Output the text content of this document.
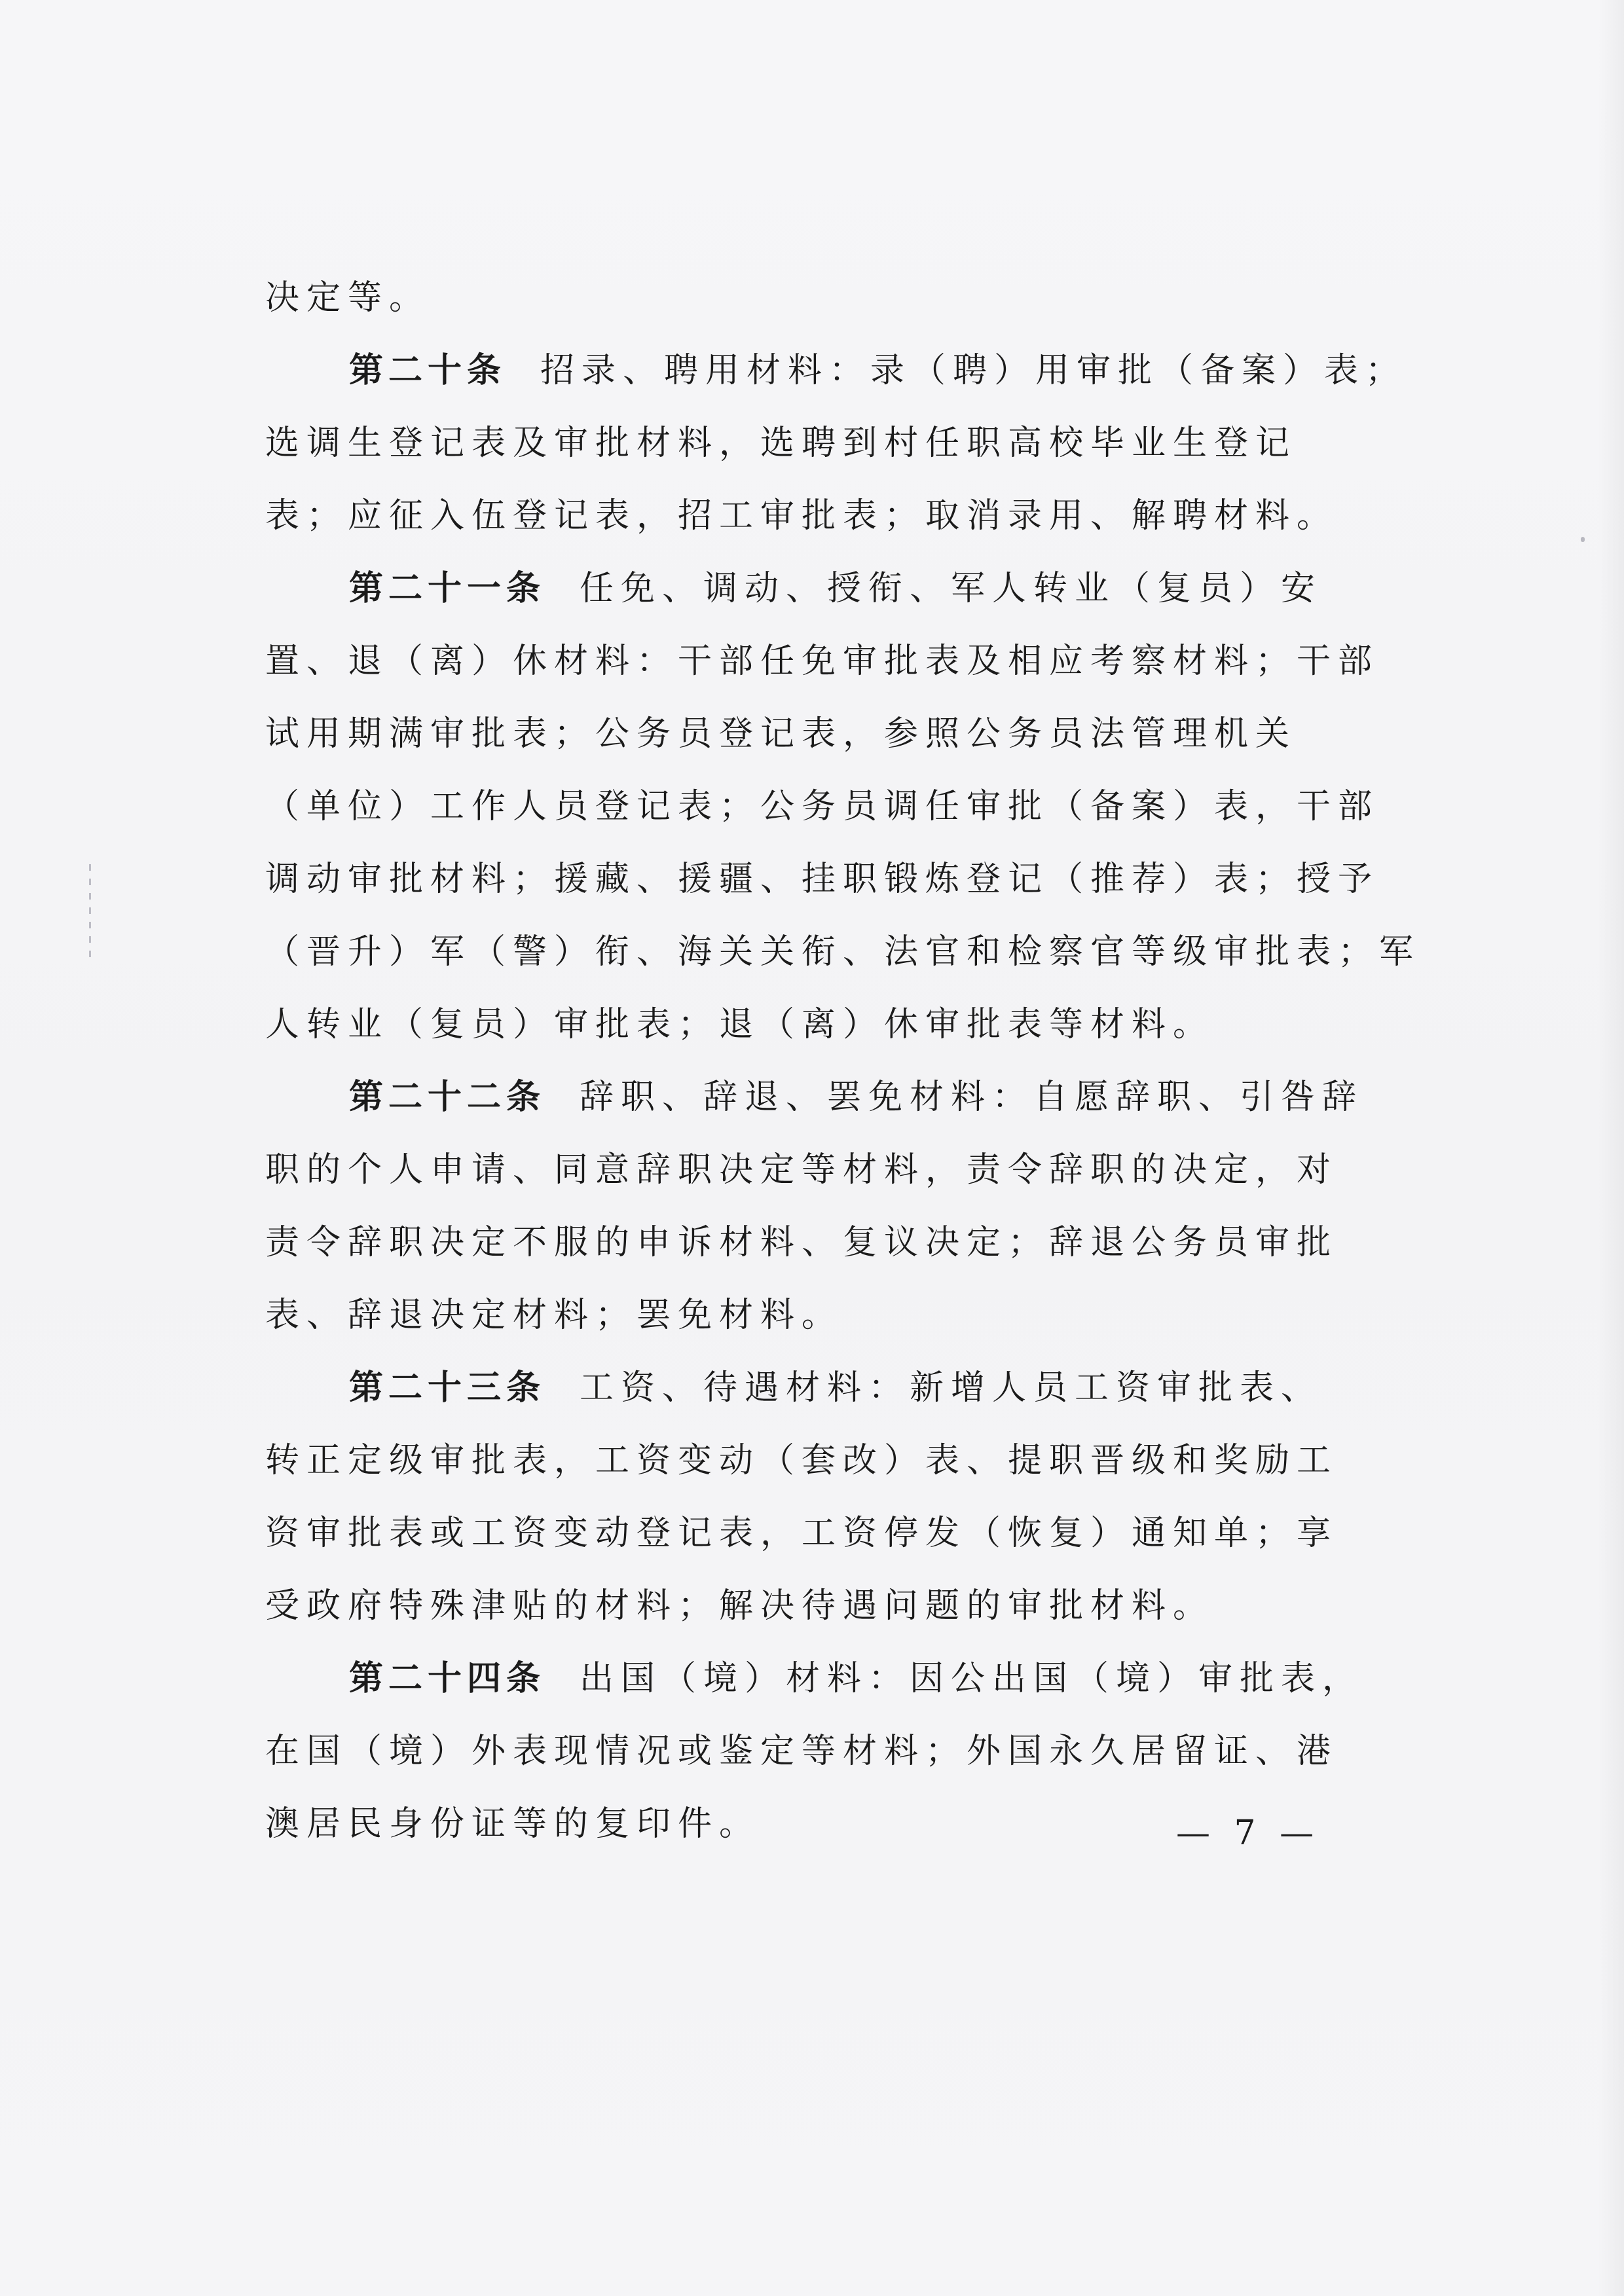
决定等。
第二十条 招录、聘用材料：录（聘）用审批（备案）表；
选调生登记表及审批材料，选聘到村任职高校毕业生登记
表；应征入伍登记表，招工审批表；取消录用、解聘材料。
第二十一条 任免、调动、授衔、军人转业（复员）安
置、退（离）休材料：干部任免审批表及相应考察材料；干部
试用期满审批表；公务员登记表，参照公务员法管理机关
（单位）工作人员登记表；公务员调任审批（备案）表，干部
调动审批材料；援藏、援疆、挂职锻炼登记（推荐）表；授予
（晋升）军（警）衔、海关关衔、法官和检察官等级审批表；军
人转业（复员）审批表；退（离）休审批表等材料。
第二十二条 辞职、辞退、罢免材料：自愿辞职、引咎辞
职的个人申请、同意辞职决定等材料，责令辞职的决定，对
责令辞职决定不服的申诉材料、复议决定；辞退公务员审批
表、辞退决定材料；罢免材料。
第二十三条 工资、待遇材料：新增人员工资审批表、
转正定级审批表，工资变动（套改）表、提职晋级和奖励工
资审批表或工资变动登记表，工资停发（恢复）通知单；享
受政府特殊津贴的材料；解决待遇问题的审批材料。
第二十四条 出国（境）材料：因公出国（境）审批表，
在国（境）外表现情况或鉴定等材料；外国永久居留证、港
澳居民身份证等的复印件。	— 7 —
